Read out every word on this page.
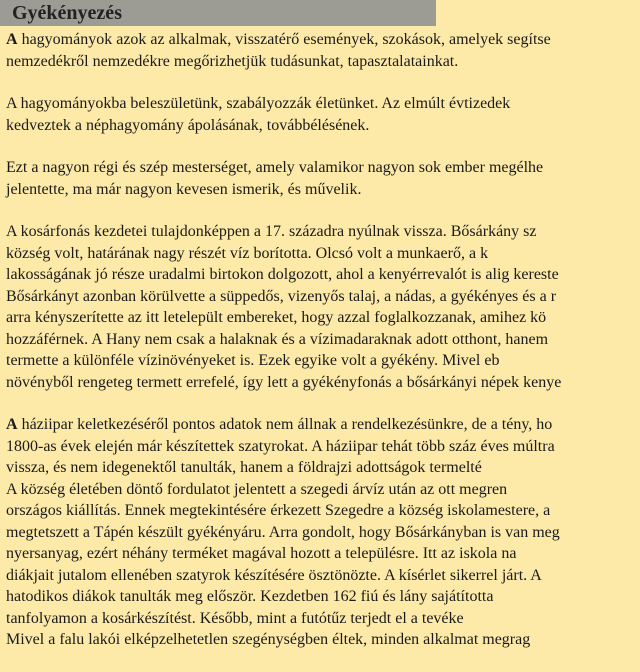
Gyékényezés
A hagyományok azok az alkalmak, visszatérő események, szokások, amelyek segítse
nemzedékről nemzedékre megőrizhetjük tudásunkat, tapasztalatainkat.
A hagyományokba beleszületünk, szabályozzák életünket. Az elmúlt évtizedek
kedveztek a néphagyomány ápolásának, továbbélésének.
Ezt a nagyon régi és szép mesterséget, amely valamikor nagyon sok ember megélhe
jelentette, ma már nagyon kevesen ismerik, és művelik.
A kosárfonás kezdetei tulajdonképpen a 17. századra nyúlnak vissza. Bősárkány sz
község volt, határának nagy részét víz borította. Olcsó volt a munkaerő, a k
lakosságának jó része uradalmi birtokon dolgozott, ahol a kenyérrevalót is alig kereste
Bősárkányt azonban körülvette a süppedős, vizenyős talaj, a nádas, a gyékényes és a r
arra kényszerítette az itt letelepült embereket, hogy azzal foglalkozzanak, amihez kö
hozzáférnek. A Hany nem csak a halaknak és a vízimadaraknak adott otthont, hanem
termette a különféle vízinövényeket is. Ezek egyike volt a gyékény. Mivel eb
növényből rengeteg termett errefelé, így lett a gyékényfonás a bősárkányi népek kenye
A háziipar keletkezéséről pontos adatok nem állnak a rendelkezésünkre, de a tény, ho
1800-as évek elején már készítettek szatyrokat. A háziipar tehát több száz éves múltra
vissza, és nem idegenektől tanulták, hanem a földrajzi adottságok termelté
A község életében döntő fordulatot jelentett a szegedi árvíz után az ott megren
országos kiállítás. Ennek megtekintésére érkezett Szegedre a község iskolamestere, a
megtetszett a Tápén készült gyékényáru. Arra gondolt, hogy Bősárkányban is van meg
nyersanyag, ezért néhány terméket magával hozott a településre. Itt az iskola na
diákjait jutalom ellenében szatyrok készítésére ösztönözte. A kísérlet sikerrel járt. A
hatodikos diákok tanulták meg először. Kezdetben 162 fiú és lány sajátította
tanfolyamon a kosárkészítést. Később, mint a futótűz terjedt el a tevéke
Mivel a falu lakói elképzelhetetlen szegénységben éltek, minden alkalmat megrag
